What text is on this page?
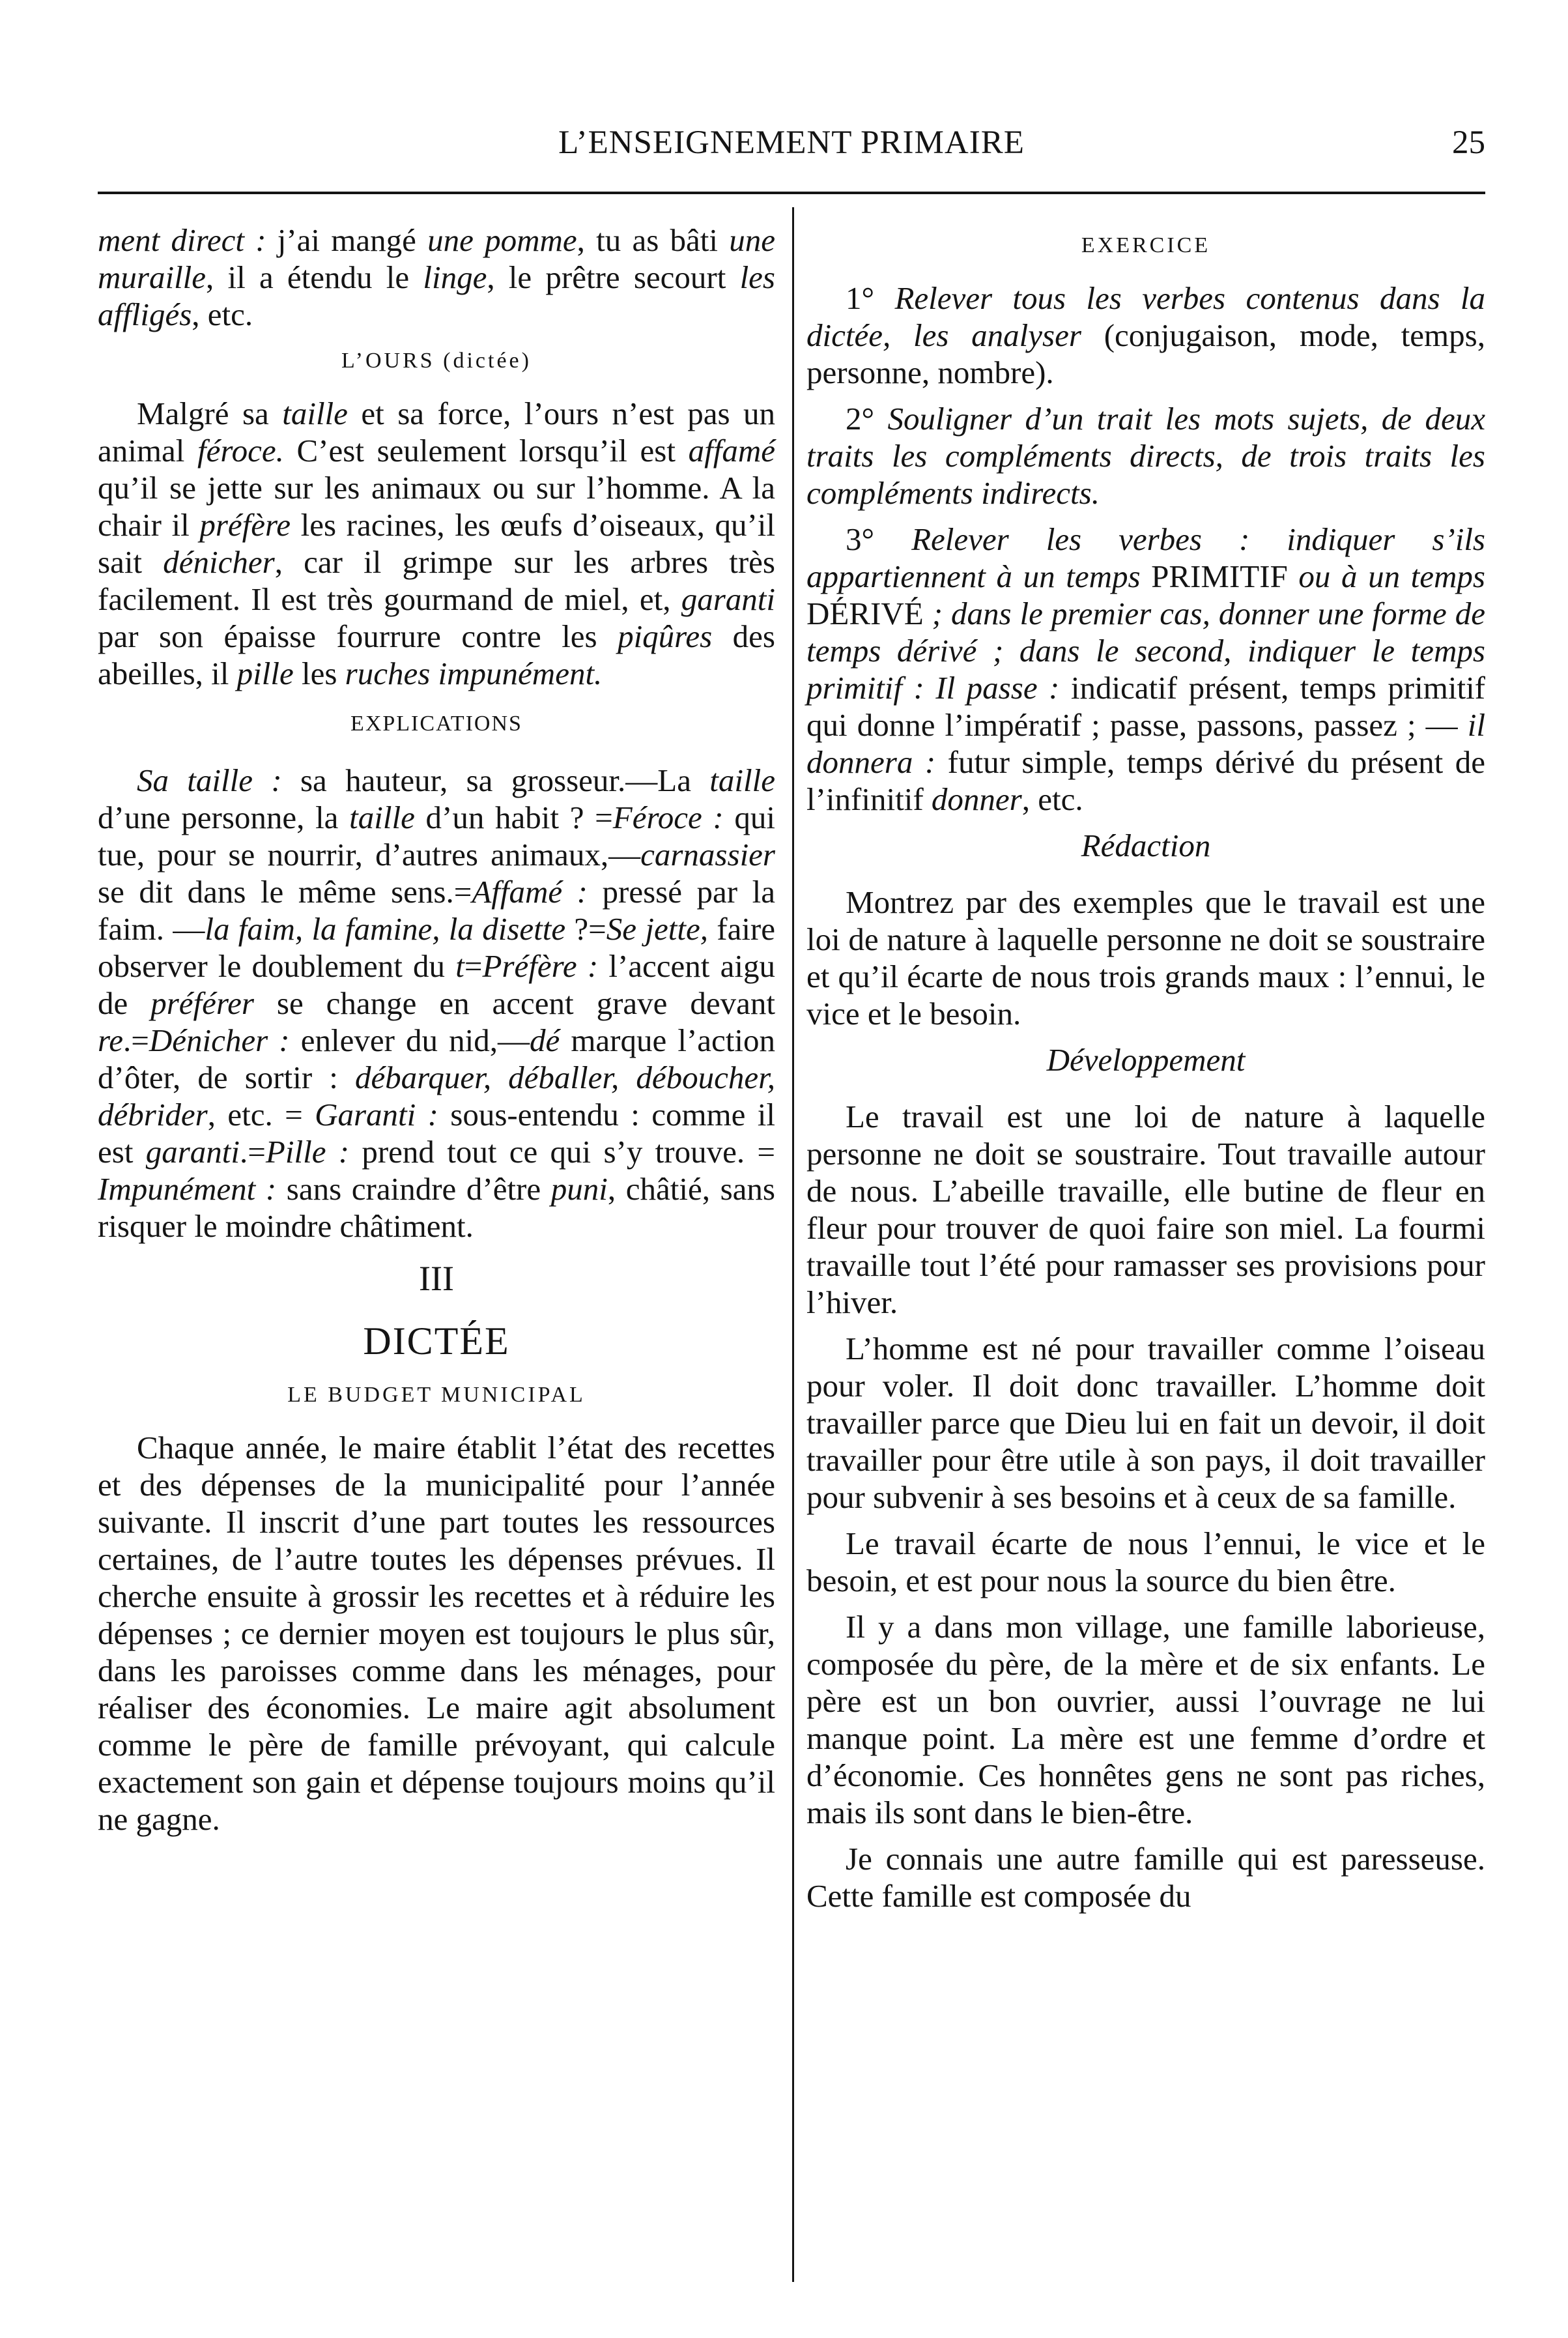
L’ENSEIGNEMENT PRIMAIRE	25

ment direct : j’ai mangé une pomme, tu as bâti une muraille, il a étendu le linge, le prêtre secourt les affligés, etc.

L’OURS (dictée)

Malgré sa taille et sa force, l’ours n’est pas un animal féroce. C’est seulement lorsqu’il est affamé qu’il se jette sur les animaux ou sur l’homme. A la chair il préfère les racines, les œufs d’oiseaux, qu’il sait dénicher, car il grimpe sur les arbres très facilement. Il est très gourmand de miel, et, garanti par son épaisse fourrure contre les piqûres des abeilles, il pille les ruches impunément.

EXPLICATIONS

Sa taille : sa hauteur, sa grosseur.—La taille d’une personne, la taille d’un habit ? =Féroce : qui tue, pour se nourrir, d’autres animaux,—carnassier se dit dans le même sens.=Affamé : pressé par la faim. —la faim, la famine, la disette ?=Se jette, faire observer le doublement du t=Préfère : l’accent aigu de préférer se change en accent grave devant re.=Dénicher : enlever du nid,—dé marque l’action d’ôter, de sortir : débarquer, déballer, déboucher, débrider, etc. = Garanti : sous-entendu : comme il est garanti.=Pille : prend tout ce qui s’y trouve. = Impunément : sans craindre d’être puni, châtié, sans risquer le moindre châtiment.

III
DICTÉE
LE BUDGET MUNICIPAL

Chaque année, le maire établit l’état des recettes et des dépenses de la municipalité pour l’année suivante. Il inscrit d’une part toutes les ressources certaines, de l’autre toutes les dépenses prévues. Il cherche ensuite à grossir les recettes et à réduire les dépenses ; ce dernier moyen est toujours le plus sûr, dans les paroisses comme dans les ménages, pour réaliser des économies. Le maire agit absolument comme le père de famille prévoyant, qui calcule exactement son gain et dépense toujours moins qu’il ne gagne.

EXERCICE

1° Relever tous les verbes contenus dans la dictée, les analyser (conjugaison, mode, temps, personne, nombre).

2° Souligner d’un trait les mots sujets, de deux traits les compléments directs, de trois traits les compléments indirects.

3° Relever les verbes : indiquer s’ils appartiennent à un temps PRIMITIF ou à un temps DÉRIVÉ ; dans le premier cas, donner une forme de temps dérivé ; dans le second, indiquer le temps primitif : Il passe : indicatif présent, temps primitif qui donne l’impératif ; passe, passons, passez ; — il donnera : futur simple, temps dérivé du présent de l’infinitif donner, etc.

Rédaction

Montrez par des exemples que le travail est une loi de nature à laquelle personne ne doit se soustraire et qu’il écarte de nous trois grands maux : l’ennui, le vice et le besoin.

Développement

Le travail est une loi de nature à laquelle personne ne doit se soustraire. Tout travaille autour de nous. L’abeille travaille, elle butine de fleur en fleur pour trouver de quoi faire son miel. La fourmi travaille tout l’été pour ramasser ses provisions pour l’hiver.

L’homme est né pour travailler comme l’oiseau pour voler. Il doit donc travailler. L’homme doit travailler parce que Dieu lui en fait un devoir, il doit travailler pour être utile à son pays, il doit travailler pour subvenir à ses besoins et à ceux de sa famille.

Le travail écarte de nous l’ennui, le vice et le besoin, et est pour nous la source du bien être.

Il y a dans mon village, une famille laborieuse, composée du père, de la mère et de six enfants. Le père est un bon ouvrier, aussi l’ouvrage ne lui manque point. La mère est une femme d’ordre et d’économie. Ces honnêtes gens ne sont pas riches, mais ils sont dans le bien-être.

Je connais une autre famille qui est paresseuse. Cette famille est composée du
